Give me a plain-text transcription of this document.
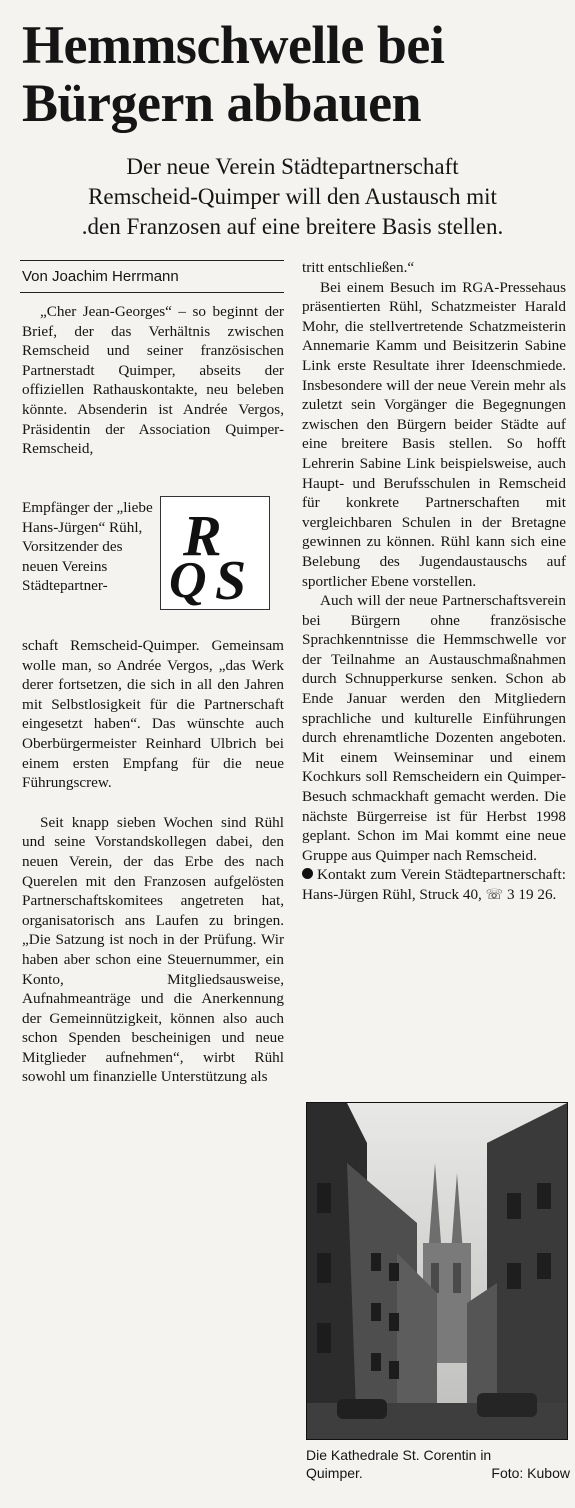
Hemmschwelle bei
Bürgern abbauen
Der neue Verein Städtepartnerschaft
Remscheid-Quimper will den Austausch mit
.den Franzosen auf eine breitere Basis stellen.
Von Joachim Herrmann

„Cher Jean-Georges“ – so beginnt der Brief, der das Verhältnis zwischen Remscheid und seiner französischen Partnerstadt Quimper, abseits der offiziellen Rathauskontakte, neu beleben könnte. Absenderin ist Andrée Vergos, Präsidentin der Association Quimper-Remscheid,

Empfänger der „liebe Hans-Jürgen“ Rühl, Vorsitzender des neuen Vereins Städtepartner-
R
Q S

schaft Remscheid-Quimper. Gemeinsam wolle man, so Andrée Vergos, „das Werk derer fortsetzen, die sich in all den Jahren mit Selbstlosigkeit für die Partnerschaft eingesetzt haben“. Das wünschte auch Oberbürgermeister Reinhard Ulbrich bei einem ersten Empfang für die neue Führungscrew.

Seit knapp sieben Wochen sind Rühl und seine Vorstandskollegen dabei, den neuen Verein, der das Erbe des nach Querelen mit den Franzosen aufgelösten Partnerschaftskomitees angetreten hat, organisatorisch ans Laufen zu bringen. „Die Satzung ist noch in der Prüfung. Wir haben aber schon eine Steuernummer, ein Konto, Mitgliedsausweise, Aufnahmeanträge und die Anerkennung der Gemeinnützigkeit, können also auch schon Spenden bescheinigen und neue Mitglieder aufnehmen“, wirbt Rühl sowohl um finanzielle Unterstützung als

tritt entschließen.“

Bei einem Besuch im RGA-Pressehaus präsentierten Rühl, Schatzmeister Harald Mohr, die stellvertretende Schatzmeisterin Annemarie Kamm und Beisitzerin Sabine Link erste Resultate ihrer Ideenschmiede. Insbesondere will der neue Verein mehr als zuletzt sein Vorgänger die Begegnungen zwischen den Bürgern beider Städte auf eine breitere Basis stellen. So hofft Lehrerin Sabine Link beispielsweise, auch Haupt- und Berufsschulen in Remscheid für konkrete Partnerschaften mit vergleichbaren Schulen in der Bretagne gewinnen zu können. Rühl kann sich eine Belebung des Jugendaustauschs auf sportlicher Ebene vorstellen.

Auch will der neue Partnerschaftsverein bei Bürgern ohne französische Sprachkenntnisse die Hemmschwelle vor der Teilnahme an Austauschmaßnahmen durch Schnupperkurse senken. Schon ab Ende Januar werden den Mitgliedern sprachliche und kulturelle Einführungen durch ehrenamtliche Dozenten angeboten. Mit einem Weinseminar und einem Kochkurs soll Remscheidern ein Quimper-Besuch schmackhaft gemacht werden. Die nächste Bürgerreise ist für Herbst 1998 geplant. Schon im Mai kommt eine neue Gruppe aus Quimper nach Remscheid.

Kontakt zum Verein Städtepartnerschaft: Hans-Jürgen Rühl, Struck 40, ☏ 3 19 26.

Die Kathedrale St. Corentin in
Quimper.	Foto: Kubow
